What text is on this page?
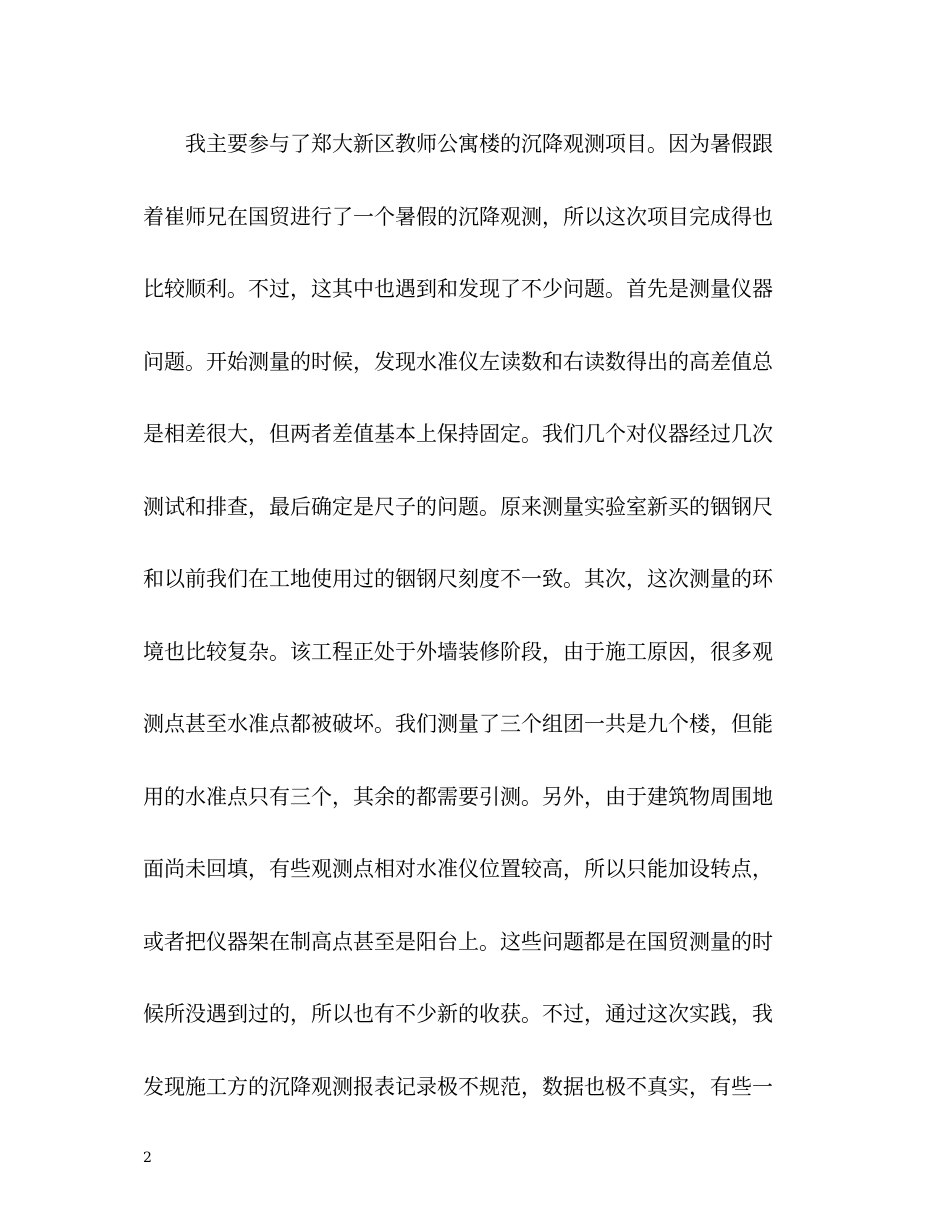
我主要参与了郑大新区教师公寓楼的沉降观测项目。因为暑假跟
着崔师兄在国贸进行了一个暑假的沉降观测，所以这次项目完成得也
比较顺利。不过，这其中也遇到和发现了不少问题。首先是测量仪器
问题。开始测量的时候，发现水准仪左读数和右读数得出的高差值总
是相差很大，但两者差值基本上保持固定。我们几个对仪器经过几次
测试和排查，最后确定是尺子的问题。原来测量实验室新买的铟钢尺
和以前我们在工地使用过的铟钢尺刻度不一致。其次，这次测量的环
境也比较复杂。该工程正处于外墙装修阶段，由于施工原因，很多观
测点甚至水准点都被破坏。我们测量了三个组团一共是九个楼，但能
用的水准点只有三个，其余的都需要引测。另外，由于建筑物周围地
面尚未回填，有些观测点相对水准仪位置较高，所以只能加设转点，
或者把仪器架在制高点甚至是阳台上。这些问题都是在国贸测量的时
候所没遇到过的，所以也有不少新的收获。不过，通过这次实践，我
发现施工方的沉降观测报表记录极不规范，数据也极不真实，有些一
2
